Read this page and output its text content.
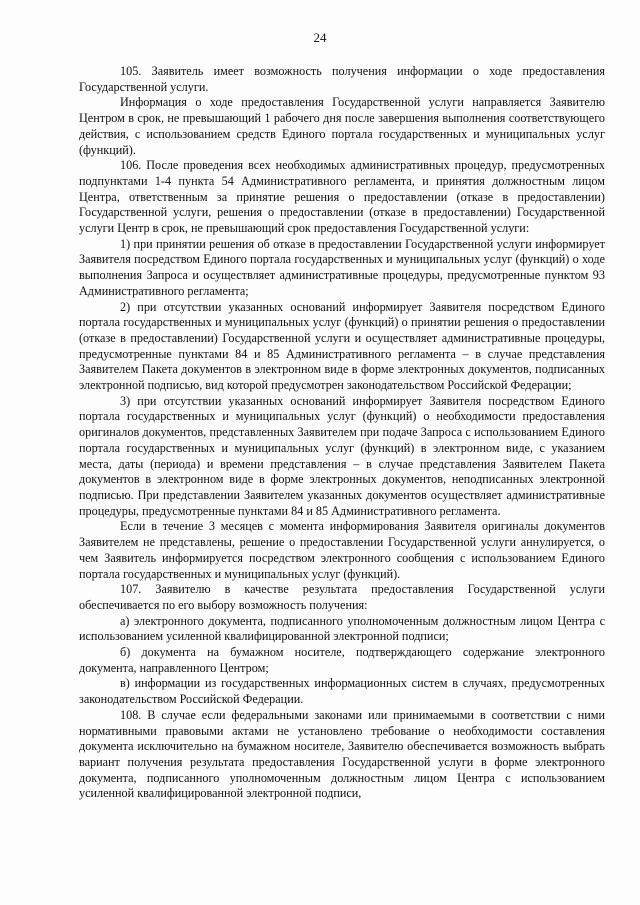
24

105. Заявитель имеет возможность получения информации о ходе предоставления Государственной услуги.

Информация о ходе предоставления Государственной услуги направляется Заявителю Центром в срок, не превышающий 1 рабочего дня после завершения выполнения соответствующего действия, с использованием средств Единого портала государственных и муниципальных услуг (функций).

106. После проведения всех необходимых административных процедур, предусмотренных подпунктами 1-4 пункта 54 Административного регламента, и принятия должностным лицом Центра, ответственным за принятие решения о предоставлении (отказе в предоставлении) Государственной услуги, решения о предоставлении (отказе в предоставлении) Государственной услуги Центр в срок, не превышающий срок предоставления Государственной услуги:

1) при принятии решения об отказе в предоставлении Государственной услуги информирует Заявителя посредством Единого портала государственных и муниципальных услуг (функций) о ходе выполнения Запроса и осуществляет административные процедуры, предусмотренные пунктом 93 Административного регламента;

2) при отсутствии указанных оснований информирует Заявителя посредством Единого портала государственных и муниципальных услуг (функций) о принятии решения о предоставлении (отказе в предоставлении) Государственной услуги и осуществляет административные процедуры, предусмотренные пунктами 84 и 85 Административного регламента – в случае представления Заявителем Пакета документов в электронном виде в форме электронных документов, подписанных электронной подписью, вид которой предусмотрен законодательством Российской Федерации;

3) при отсутствии указанных оснований информирует Заявителя посредством Единого портала государственных и муниципальных услуг (функций) о необходимости предоставления оригиналов документов, представленных Заявителем при подаче Запроса с использованием Единого портала государственных и муниципальных услуг (функций) в электронном виде, с указанием места, даты (периода) и времени представления – в случае представления Заявителем Пакета документов в электронном виде в форме электронных документов, неподписанных электронной подписью. При представлении Заявителем указанных документов осуществляет административные процедуры, предусмотренные пунктами 84 и 85 Административного регламента.

Если в течение 3 месяцев с момента информирования Заявителя оригиналы документов Заявителем не представлены, решение о предоставлении Государственной услуги аннулируется, о чем Заявитель информируется посредством электронного сообщения с использованием Единого портала государственных и муниципальных услуг (функций).

107. Заявителю в качестве результата предоставления Государственной услуги обеспечивается по его выбору возможность получения:

а) электронного документа, подписанного уполномоченным должностным лицом Центра с использованием усиленной квалифицированной электронной подписи;

б) документа на бумажном носителе, подтверждающего содержание электронного документа, направленного Центром;

в) информации из государственных информационных систем в случаях, предусмотренных законодательством Российской Федерации.

108. В случае если федеральными законами или принимаемыми в соответствии с ними нормативными правовыми актами не установлено требование о необходимости составления документа исключительно на бумажном носителе, Заявителю обеспечивается возможность выбрать вариант получения результата предоставления Государственной услуги в форме электронного документа, подписанного уполномоченным должностным лицом Центра с использованием усиленной квалифицированной электронной подписи,
